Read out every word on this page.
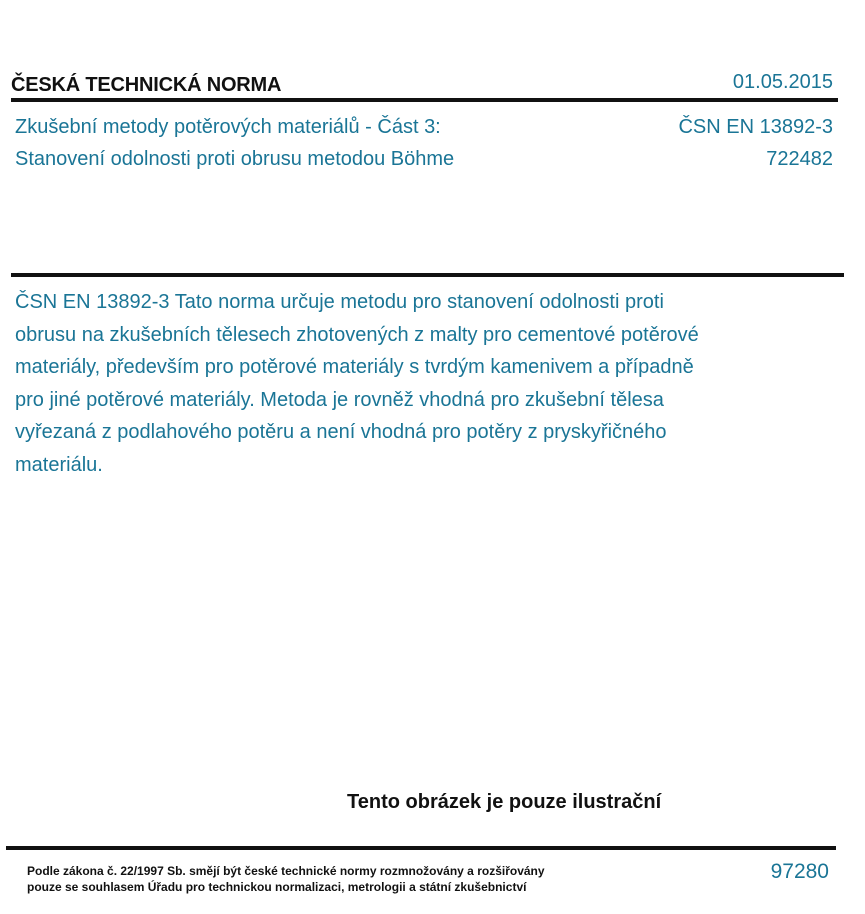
ČESKÁ TECHNICKÁ NORMA	01.05.2015
Zkušební metody potěrových materiálů - Část 3:
Stanovení odolnosti proti obrusu metodou Böhme
ČSN EN 13892-3
722482

ČSN EN 13892-3 Tato norma určuje metodu pro stanovení odolnosti proti obrusu na zkušebních tělesech zhotovených z malty pro cementové potěrové materiály, především pro potěrové materiály s tvrdým kamenivem a případně pro jiné potěrové materiály. Metoda je rovněž vhodná pro zkušební tělesa vyřezaná z podlahového potěru a není vhodná pro potěry z pryskyřičného materiálu.

Tento obrázek je pouze ilustrační
Podle zákona č. 22/1997 Sb. smějí být české technické normy rozmnožovány a rozšiřovány
pouze se souhlasem Úřadu pro technickou normalizaci, metrologii a státní zkušebnictví
97280
